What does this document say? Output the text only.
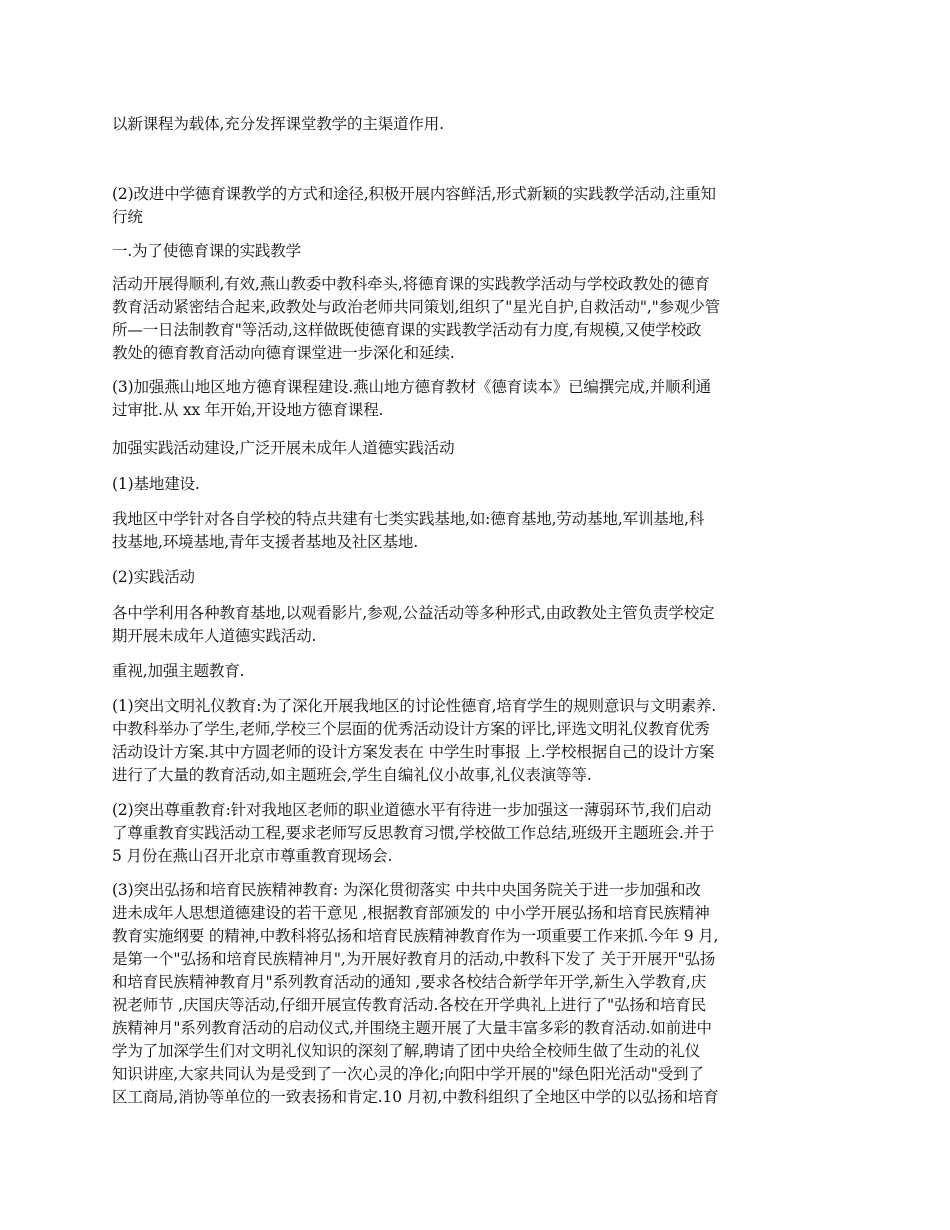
以新课程为载体,充分发挥课堂教学的主渠道作用.

(2)改进中学德育课教学的方式和途径,积极开展内容鲜活,形式新颖的实践教学活动,注重知
行统

一.为了使德育课的实践教学

活动开展得顺利,有效,燕山教委中教科牵头,将德育课的实践教学活动与学校政教处的德育
教育活动紧密结合起来,政教处与政治老师共同策划,组织了"星光自护,自救活动","参观少管
所—一日法制教育"等活动,这样做既使德育课的实践教学活动有力度,有规模,又使学校政
教处的德育教育活动向德育课堂进一步深化和延续.

(3)加强燕山地区地方德育课程建设.燕山地方德育教材《德育读本》已编撰完成,并顺利通
过审批.从 xx 年开始,开设地方德育课程.

加强实践活动建设,广泛开展未成年人道德实践活动

(1)基地建设.

我地区中学针对各自学校的特点共建有七类实践基地,如:德育基地,劳动基地,军训基地,科
技基地,环境基地,青年支援者基地及社区基地.

(2)实践活动

各中学利用各种教育基地,以观看影片,参观,公益活动等多种形式,由政教处主管负责学校定
期开展未成年人道德实践活动.

重视,加强主题教育.

(1)突出文明礼仪教育:为了深化开展我地区的讨论性德育,培育学生的规则意识与文明素养.
中教科举办了学生,老师,学校三个层面的优秀活动设计方案的评比,评选文明礼仪教育优秀
活动设计方案.其中方圆老师的设计方案发表在 中学生时事报 上.学校根据自己的设计方案
进行了大量的教育活动,如主题班会,学生自编礼仪小故事,礼仪表演等等.

(2)突出尊重教育:针对我地区老师的职业道德水平有待进一步加强这一薄弱环节,我们启动
了尊重教育实践活动工程,要求老师写反思教育习惯,学校做工作总结,班级开主题班会.并于
5 月份在燕山召开北京市尊重教育现场会.

(3)突出弘扬和培育民族精神教育: 为深化贯彻落实 中共中央国务院关于进一步加强和改
进未成年人思想道德建设的若干意见 ,根据教育部颁发的 中小学开展弘扬和培育民族精神
教育实施纲要 的精神,中教科将弘扬和培育民族精神教育作为一项重要工作来抓.今年 9 月,
是第一个"弘扬和培育民族精神月",为开展好教育月的活动,中教科下发了 关于开展开"弘扬
和培育民族精神教育月"系列教育活动的通知 ,要求各校结合新学年开学,新生入学教育,庆
祝老师节 ,庆国庆等活动,仔细开展宣传教育活动.各校在开学典礼上进行了"弘扬和培育民
族精神月"系列教育活动的启动仪式,并围绕主题开展了大量丰富多彩的教育活动.如前进中
学为了加深学生们对文明礼仪知识的深刻了解,聘请了团中央给全校师生做了生动的礼仪
知识讲座,大家共同认为是受到了一次心灵的净化;向阳中学开展的"绿色阳光活动"受到了
区工商局,消协等单位的一致表扬和肯定.10 月初,中教科组织了全地区中学的以弘扬和培育
